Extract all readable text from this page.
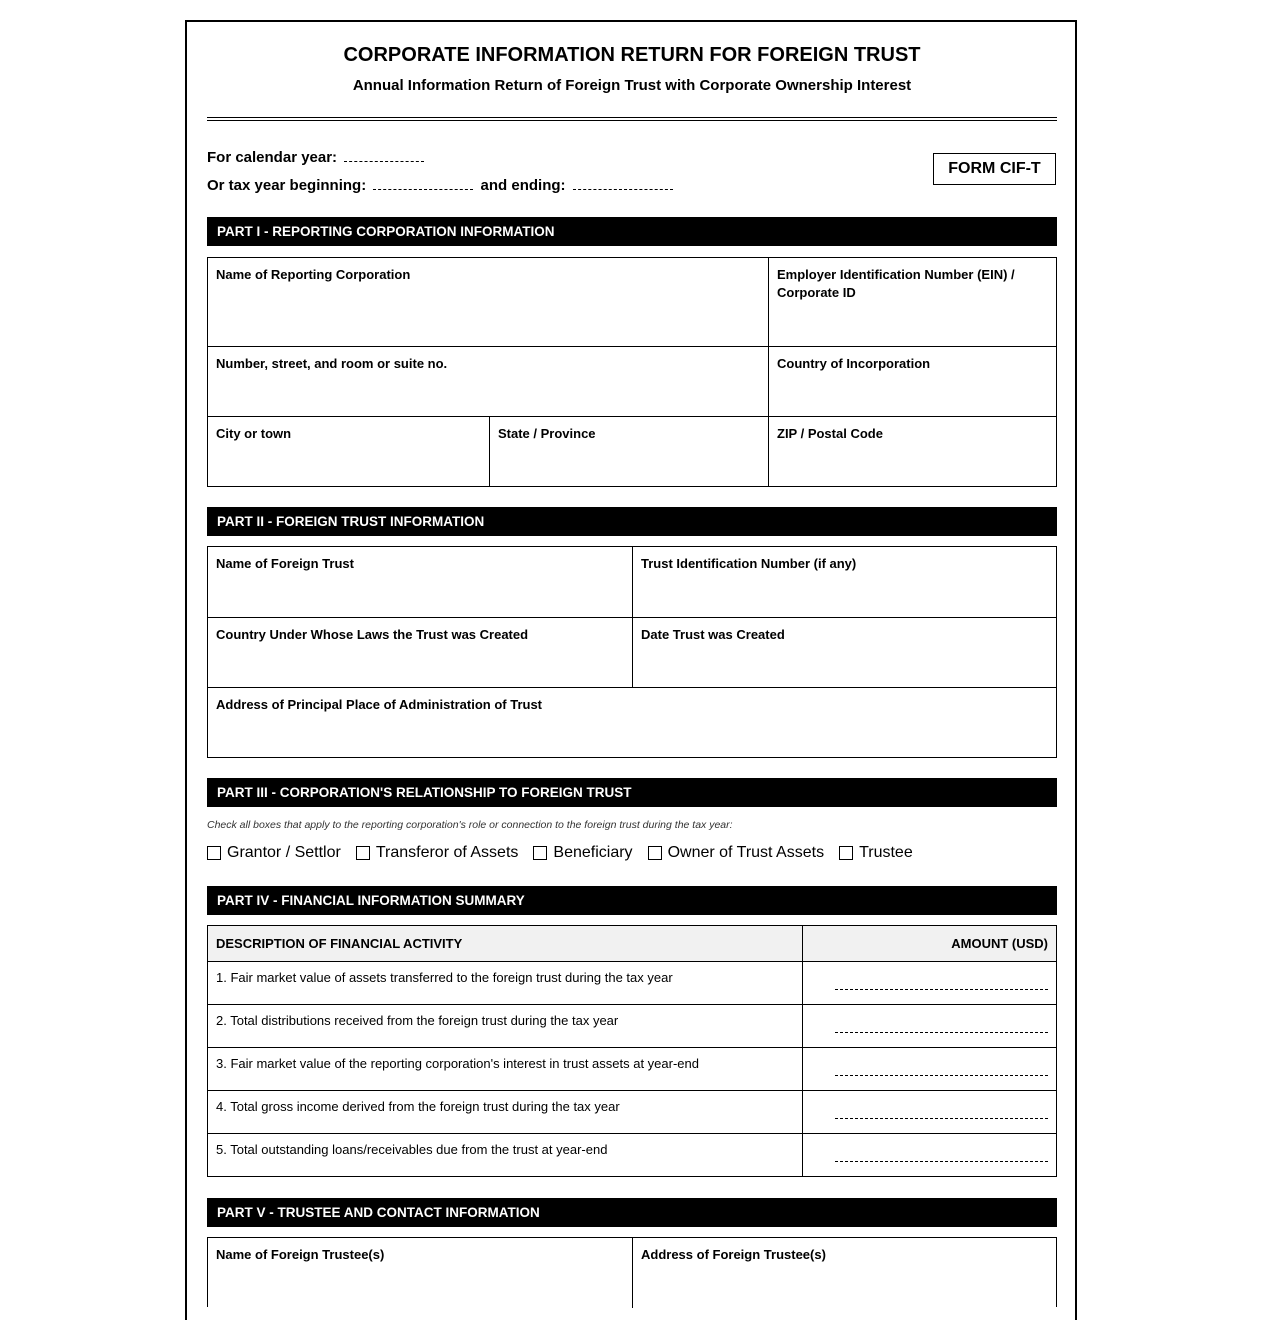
CORPORATE INFORMATION RETURN FOR FOREIGN TRUST
Annual Information Return of Foreign Trust with Corporate Ownership Interest
For calendar year:
Or tax year beginning:	and ending:
FORM CIF-T
PART I - REPORTING CORPORATION INFORMATION
Name of Reporting Corporation	Employer Identification Number (EIN) / Corporate ID
Number, street, and room or suite no.	Country of Incorporation
City or town	State / Province	ZIP / Postal Code
PART II - FOREIGN TRUST INFORMATION
Name of Foreign Trust	Trust Identification Number (if any)
Country Under Whose Laws the Trust was Created	Date Trust was Created
Address of Principal Place of Administration of Trust
PART III - CORPORATION'S RELATIONSHIP TO FOREIGN TRUST
Check all boxes that apply to the reporting corporation's role or connection to the foreign trust during the tax year:
Grantor / Settlor Transferor of Assets Beneficiary Owner of Trust Assets Trustee
PART IV - FINANCIAL INFORMATION SUMMARY
DESCRIPTION OF FINANCIAL ACTIVITY	AMOUNT (USD)
1. Fair market value of assets transferred to the foreign trust during the tax year
2. Total distributions received from the foreign trust during the tax year
3. Fair market value of the reporting corporation's interest in trust assets at year-end
4. Total gross income derived from the foreign trust during the tax year
5. Total outstanding loans/receivables due from the trust at year-end
PART V - TRUSTEE AND CONTACT INFORMATION
Name of Foreign Trustee(s)	Address of Foreign Trustee(s)
